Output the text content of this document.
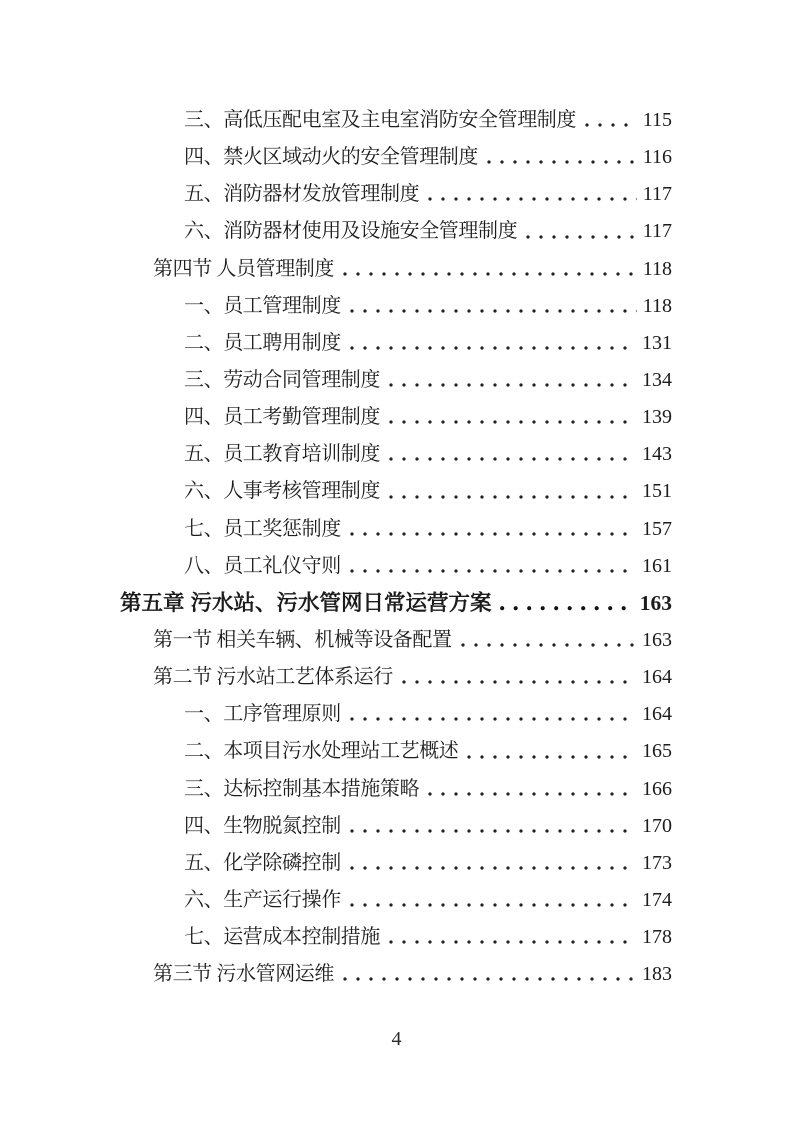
三、高低压配电室及主电室消防安全管理制度	115
四、禁火区域动火的安全管理制度	116
五、消防器材发放管理制度	117
六、消防器材使用及设施安全管理制度	117
第四节 人员管理制度	118
一、员工管理制度	118
二、员工聘用制度	131
三、劳动合同管理制度	134
四、员工考勤管理制度	139
五、员工教育培训制度	143
六、人事考核管理制度	151
七、员工奖惩制度	157
八、员工礼仪守则	161
第五章 污水站、污水管网日常运营方案	163
第一节 相关车辆、机械等设备配置	163
第二节 污水站工艺体系运行	164
一、工序管理原则	164
二、本项目污水处理站工艺概述	165
三、达标控制基本措施策略	166
四、生物脱氮控制	170
五、化学除磷控制	173
六、生产运行操作	174
七、运营成本控制措施	178
第三节 污水管网运维	183
4
